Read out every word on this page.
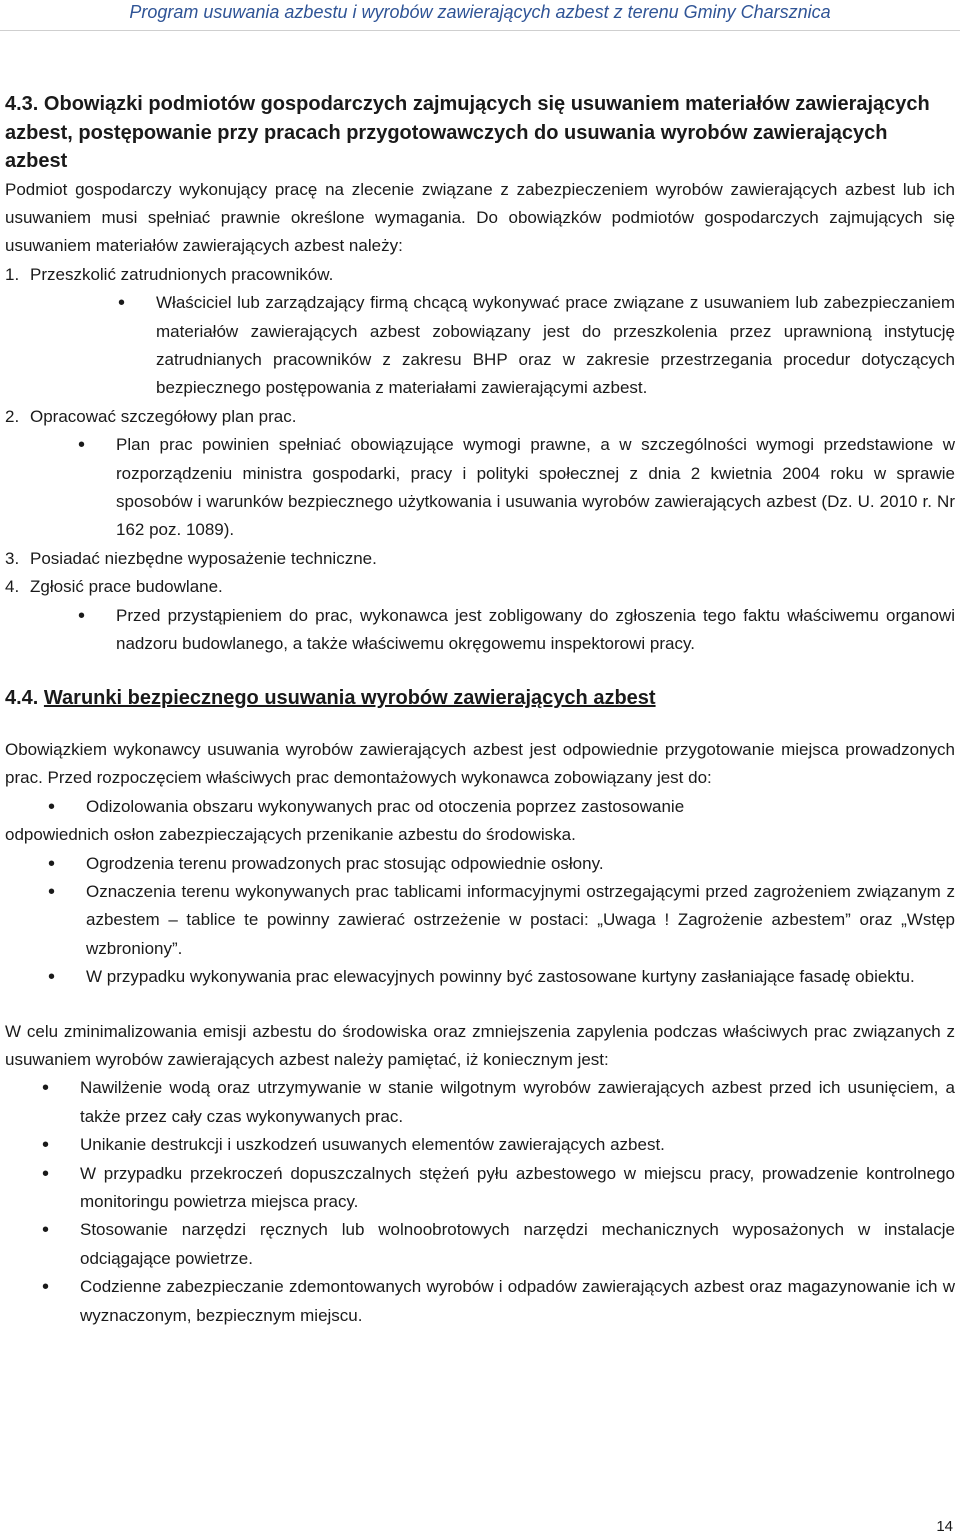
Program usuwania azbestu i wyrobów zawierających azbest z terenu Gminy Charsznica
4.3. Obowiązki podmiotów gospodarczych zajmujących się usuwaniem materiałów zawierających azbest, postępowanie przy pracach przygotowawczych do usuwania wyrobów zawierających azbest

Podmiot gospodarczy wykonujący pracę na zlecenie związane z zabezpieczeniem wyrobów zawierających azbest lub ich usuwaniem musi spełniać prawnie określone wymagania. Do obowiązków podmiotów gospodarczych zajmujących się usuwaniem materiałów zawierających azbest należy:

1. Przeszkolić zatrudnionych pracowników.
•	Właściciel lub zarządzający firmą chcącą wykonywać prace związane z usuwaniem lub zabezpieczaniem materiałów zawierających azbest zobowiązany jest do przeszkolenia przez uprawnioną instytucję zatrudnianych pracowników z zakresu BHP oraz w zakresie przestrzegania procedur dotyczących bezpiecznego postępowania z materiałami zawierającymi azbest.
2. Opracować szczegółowy plan prac.
•	Plan prac powinien spełniać obowiązujące wymogi prawne, a w szczególności wymogi przedstawione w rozporządzeniu ministra gospodarki, pracy i polityki społecznej z dnia 2 kwietnia 2004 roku w sprawie sposobów i warunków bezpiecznego użytkowania i usuwania wyrobów zawierających azbest (Dz. U. 2010 r. Nr 162 poz. 1089).
3. Posiadać niezbędne wyposażenie techniczne.
4. Zgłosić prace budowlane.
•	Przed przystąpieniem do prac, wykonawca jest zobligowany do zgłoszenia tego faktu właściwemu organowi nadzoru budowlanego, a także właściwemu okręgowemu inspektorowi pracy.
4.4. Warunki bezpiecznego usuwania wyrobów zawierających azbest

Obowiązkiem wykonawcy usuwania wyrobów zawierających azbest jest odpowiednie przygotowanie miejsca prowadzonych prac. Przed rozpoczęciem właściwych prac demontażowych wykonawca zobowiązany jest do:

•	Odizolowania obszaru wykonywanych prac od otoczenia poprzez zastosowanie

odpowiednich osłon zabezpieczających przenikanie azbestu do środowiska.

•	Ogrodzenia terenu prowadzonych prac stosując odpowiednie osłony.
•	Oznaczenia terenu wykonywanych prac tablicami informacyjnymi ostrzegającymi przed zagrożeniem związanym z azbestem – tablice te powinny zawierać ostrzeżenie w postaci: „Uwaga ! Zagrożenie azbestem” oraz „Wstęp wzbroniony”.
•	W przypadku wykonywania prac elewacyjnych powinny być zastosowane kurtyny zasłaniające fasadę obiektu.

W celu zminimalizowania emisji azbestu do środowiska oraz zmniejszenia zapylenia podczas właściwych prac związanych z usuwaniem wyrobów zawierających azbest należy pamiętać, iż koniecznym jest:

•	Nawilżenie wodą oraz utrzymywanie w stanie wilgotnym wyrobów zawierających azbest przed ich usunięciem, a także przez cały czas wykonywanych prac.
•	Unikanie destrukcji i uszkodzeń usuwanych elementów zawierających azbest.
•	W przypadku przekroczeń dopuszczalnych stężeń pyłu azbestowego w miejscu pracy, prowadzenie kontrolnego monitoringu powietrza miejsca pracy.
•	Stosowanie narzędzi ręcznych lub wolnoobrotowych narzędzi mechanicznych wyposażonych w instalacje odciągające powietrze.
•	Codzienne zabezpieczanie zdemontowanych wyrobów i odpadów zawierających azbest oraz magazynowanie ich w wyznaczonym, bezpiecznym miejscu.
14
